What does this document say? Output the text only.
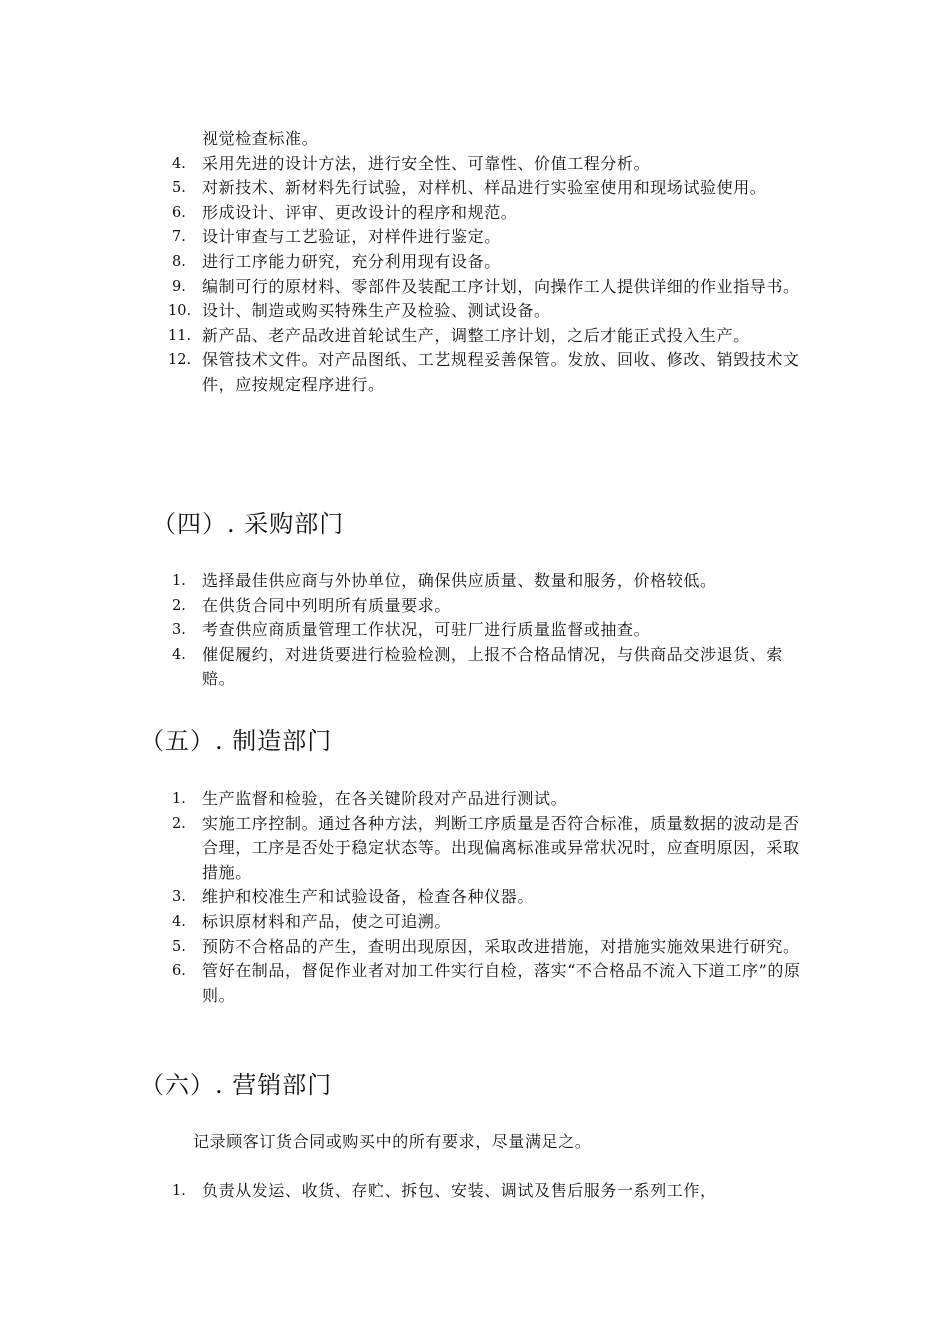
视觉检查标准。
4.	采用先进的设计方法，进行安全性、可靠性、价值工程分析。
5.	对新技术、新材料先行试验，对样机、样品进行实验室使用和现场试验使用。
6.	形成设计、评审、更改设计的程序和规范。
7.	设计审查与工艺验证，对样件进行鉴定。
8.	进行工序能力研究，充分利用现有设备。
9.	编制可行的原材料、零部件及装配工序计划，向操作工人提供详细的作业指导书。
10. 设计、制造或购买特殊生产及检验、测试设备。
11. 新产品、老产品改进首轮试生产，调整工序计划，之后才能正式投入生产。
12. 保管技术文件。对产品图纸、工艺规程妥善保管。发放、回收、修改、销毁技术文件，应按规定程序进行。
（四）. 采购部门
1.	选择最佳供应商与外协单位，确保供应质量、数量和服务，价格较低。
2.	在供货合同中列明所有质量要求。
3.	考查供应商质量管理工作状况，可驻厂进行质量监督或抽查。
4.	催促履约，对进货要进行检验检测，上报不合格品情况，与供商品交涉退货、索赔。
（五）. 制造部门
1.	生产监督和检验，在各关键阶段对产品进行测试。
2.	实施工序控制。通过各种方法，判断工序质量是否符合标准，质量数据的波动是否合理，工序是否处于稳定状态等。出现偏离标准或异常状况时，应查明原因，采取措施。
3.	维护和校准生产和试验设备，检查各种仪器。
4.	标识原材料和产品，使之可追溯。
5.	预防不合格品的产生，查明出现原因，采取改进措施，对措施实施效果进行研究。
6.	管好在制品，督促作业者对加工件实行自检，落实“不合格品不流入下道工序”的原则。
（六）. 营销部门
记录顾客订货合同或购买中的所有要求，尽量满足之。
1.	负责从发运、收货、存贮、拆包、安装、调试及售后服务一系列工作，
